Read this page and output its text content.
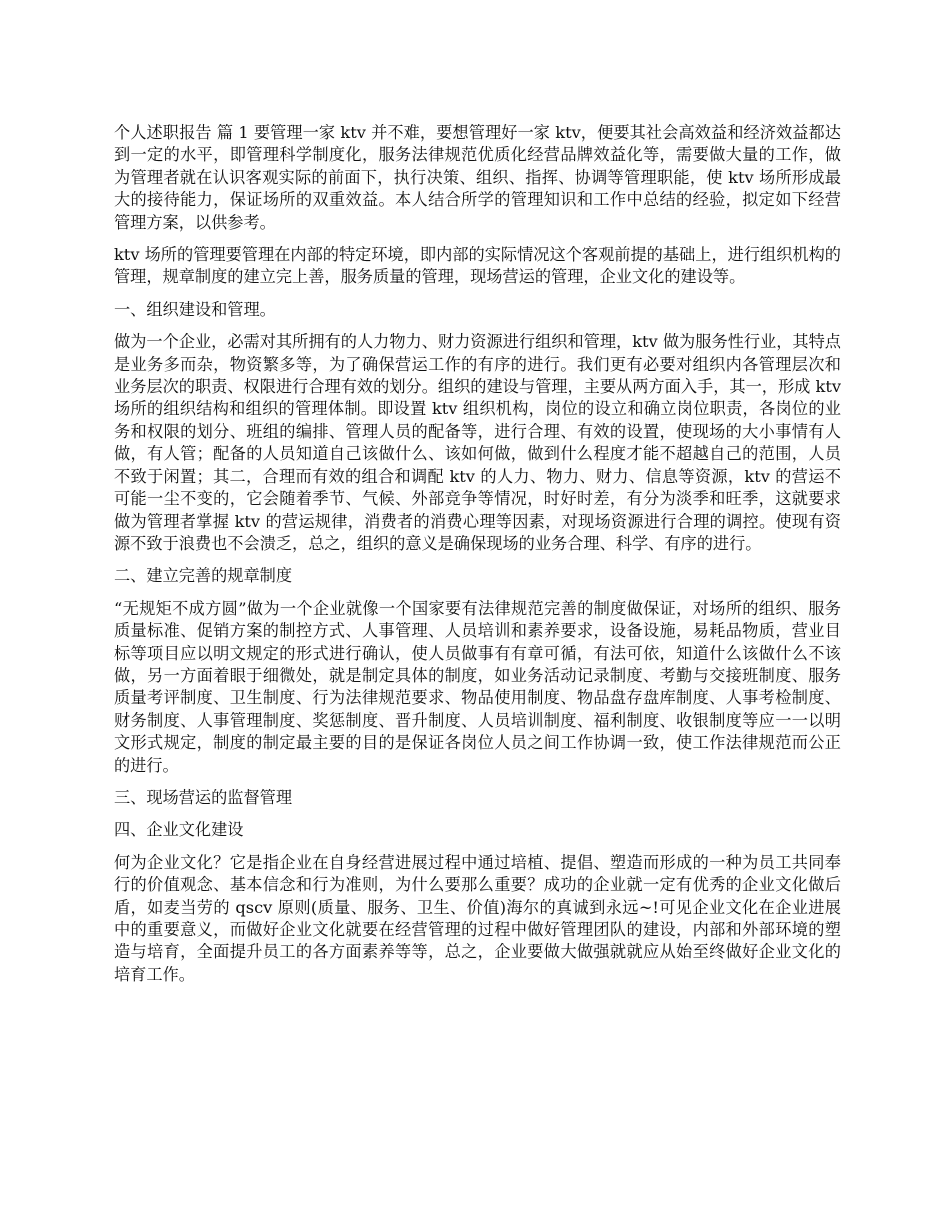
个人述职报告 篇 1 要管理一家 ktv 并不难，要想管理好一家 ktv，便要其社会高效益和经济效益都达到一定的水平，即管理科学制度化，服务法律规范优质化经营品牌效益化等，需要做大量的工作，做为管理者就在认识客观实际的前面下，执行决策、组织、指挥、协调等管理职能，使 ktv 场所形成最大的接待能力，保证场所的双重效益。本人结合所学的管理知识和工作中总结的经验，拟定如下经营管理方案，以供参考。

ktv 场所的管理要管理在内部的特定环境，即内部的实际情况这个客观前提的基础上，进行组织机构的管理，规章制度的建立完上善，服务质量的管理，现场营运的管理，企业文化的建设等。

一、组织建设和管理。

做为一个企业，必需对其所拥有的人力物力、财力资源进行组织和管理，ktv 做为服务性行业，其特点是业务多而杂，物资繁多等，为了确保营运工作的有序的进行。我们更有必要对组织内各管理层次和业务层次的职责、权限进行合理有效的划分。组织的建设与管理，主要从两方面入手，其一，形成 ktv 场所的组织结构和组织的管理体制。即设置 ktv 组织机构，岗位的设立和确立岗位职责，各岗位的业务和权限的划分、班组的编排、管理人员的配备等，进行合理、有效的设置，使现场的大小事情有人做，有人管；配备的人员知道自己该做什么、该如何做，做到什么程度才能不超越自己的范围，人员不致于闲置；其二，合理而有效的组合和调配 ktv 的人力、物力、财力、信息等资源，ktv 的营运不可能一尘不变的，它会随着季节、气候、外部竞争等情况，时好时差，有分为淡季和旺季，这就要求做为管理者掌握 ktv 的营运规律，消费者的消费心理等因素，对现场资源进行合理的调控。使现有资源不致于浪费也不会溃乏，总之，组织的意义是确保现场的业务合理、科学、有序的进行。

二、建立完善的规章制度

“无规矩不成方圆”做为一个企业就像一个国家要有法律规范完善的制度做保证，对场所的组织、服务质量标准、促销方案的制控方式、人事管理、人员培训和素养要求，设备设施，易耗品物质，营业目标等项目应以明文规定的形式进行确认，使人员做事有有章可循，有法可依，知道什么该做什么不该做，另一方面着眼于细微处，就是制定具体的制度，如业务活动记录制度、考勤与交接班制度、服务质量考评制度、卫生制度、行为法律规范要求、物品使用制度、物品盘存盘库制度、人事考检制度、财务制度、人事管理制度、奖惩制度、晋升制度、人员培训制度、福利制度、收银制度等应一一以明文形式规定，制度的制定最主要的目的是保证各岗位人员之间工作协调一致，使工作法律规范而公正的进行。

三、现场营运的监督管理

四、企业文化建设

何为企业文化？它是指企业在自身经营进展过程中通过培植、提倡、塑造而形成的一种为员工共同奉行的价值观念、基本信念和行为准则，为什么要那么重要？成功的企业就一定有优秀的企业文化做后盾，如麦当劳的 qscv 原则(质量、服务、卫生、价值)海尔的真诚到永远~!可见企业文化在企业进展中的重要意义，而做好企业文化就要在经营管理的过程中做好管理团队的建设，内部和外部环境的塑造与培育，全面提升员工的各方面素养等等，总之，企业要做大做强就就应从始至终做好企业文化的培育工作。
